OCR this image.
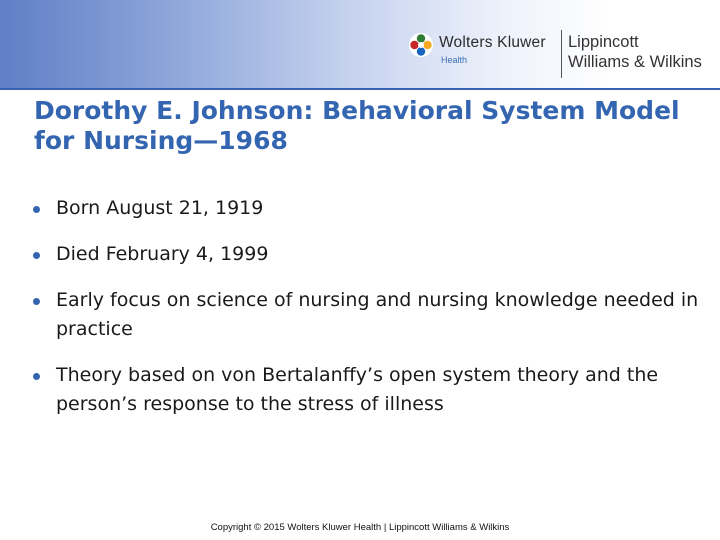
Wolters Kluwer
Health
Lippincott
Williams & Wilkins
Dorothy E. Johnson: Behavioral System Model for Nursing—1968
Born August 21, 1919
Died February 4, 1999
Early focus on science of nursing and nursing knowledge needed in practice
Theory based on von Bertalanffy’s open system theory and the person’s response to the stress of illness
Copyright © 2015 Wolters Kluwer Health | Lippincott Williams & Wilkins
